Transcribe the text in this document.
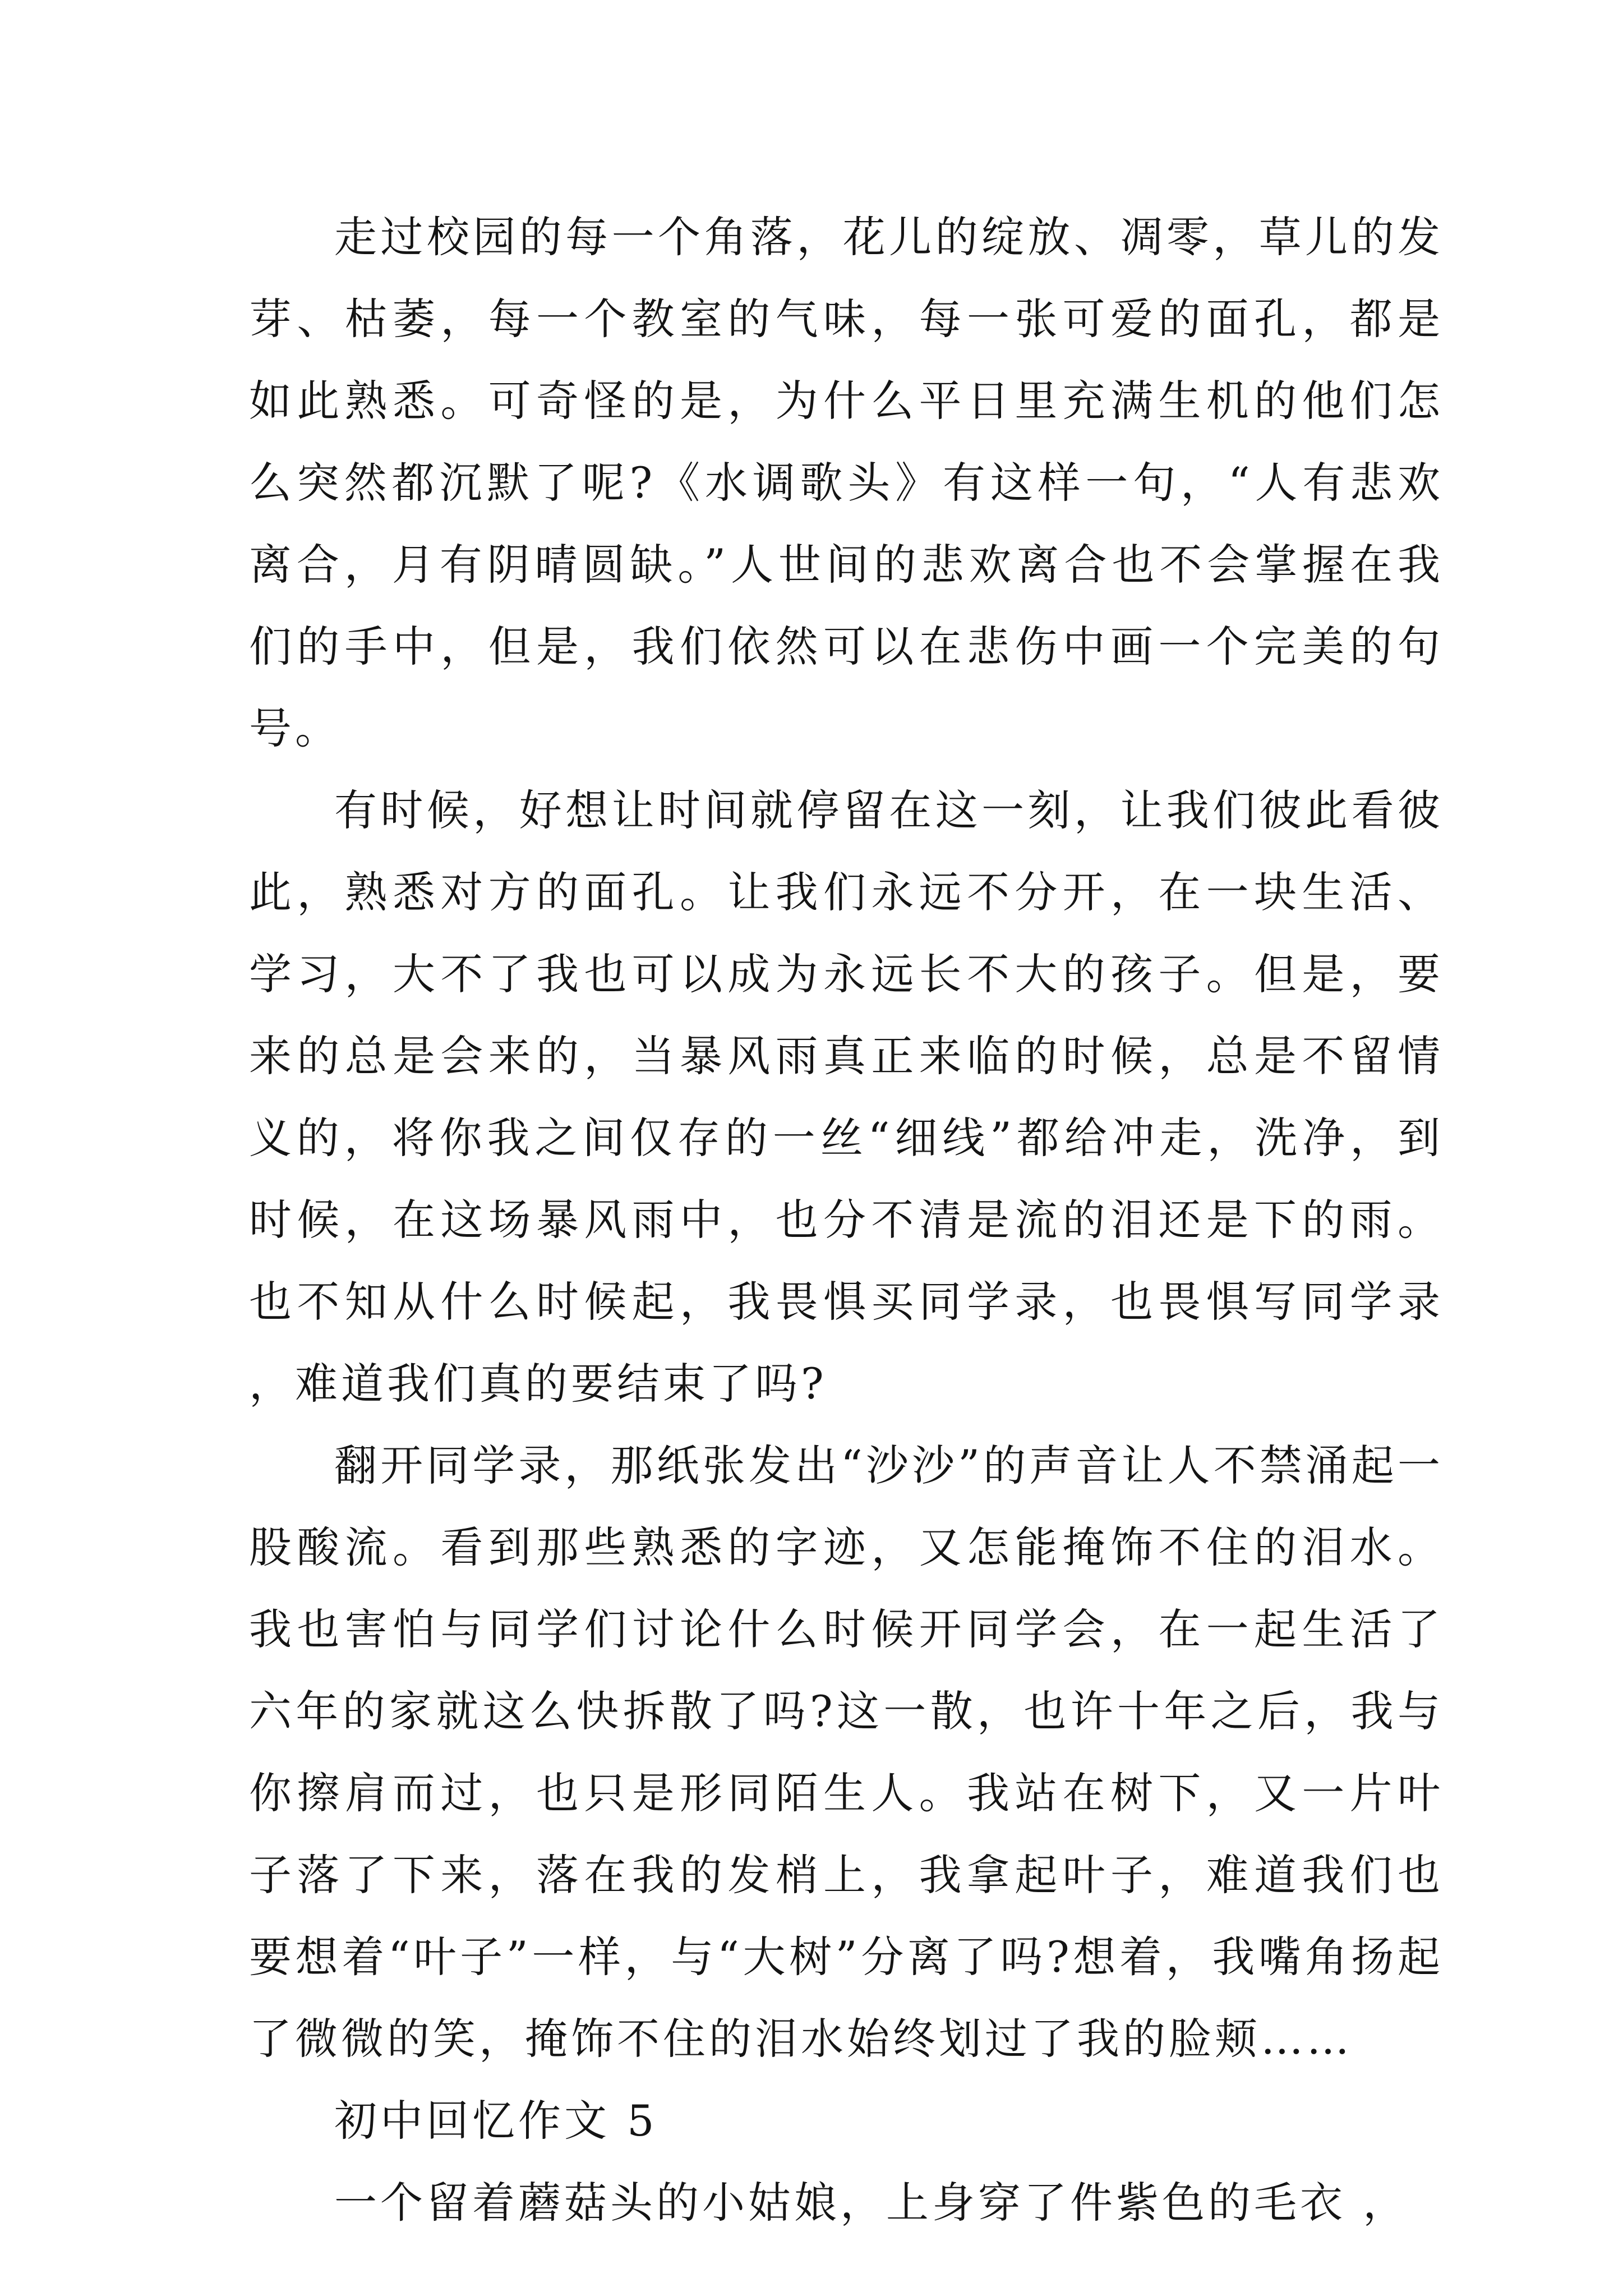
走过校园的每一个角落，花儿的绽放、凋零，草儿的发芽、枯萎，每一个教室的气味，每一张可爱的面孔，都是如此熟悉。可奇怪的是，为什么平日里充满生机的他们怎么突然都沉默了呢?《水调歌头》有这样一句，“人有悲欢离合，月有阴晴圆缺。”人世间的悲欢离合也不会掌握在我们的手中，但是，我们依然可以在悲伤中画一个完美的句号。

有时候，好想让时间就停留在这一刻，让我们彼此看彼此，熟悉对方的面孔。让我们永远不分开，在一块生活、学习，大不了我也可以成为永远长不大的孩子。但是，要来的总是会来的，当暴风雨真正来临的时候，总是不留情义的，将你我之间仅存的一丝“细线”都给冲走，洗净，到时候，在这场暴风雨中，也分不清是流的泪还是下的雨。也不知从什么时候起，我畏惧买同学录，也畏惧写同学录，难道我们真的要结束了吗?

翻开同学录，那纸张发出“沙沙”的声音让人不禁涌起一股酸流。看到那些熟悉的字迹，又怎能掩饰不住的泪水。我也害怕与同学们讨论什么时候开同学会，在一起生活了六年的家就这么快拆散了吗?这一散，也许十年之后，我与你擦肩而过，也只是形同陌生人。我站在树下，又一片叶子落了下来，落在我的发梢上，我拿起叶子，难道我们也要想着“叶子”一样，与“大树”分离了吗?想着，我嘴角扬起了微微的笑，掩饰不住的泪水始终划过了我的脸颊……

初中回忆作文 5

一个留着蘑菇头的小姑娘，上身穿了件紫色的毛衣 ，
